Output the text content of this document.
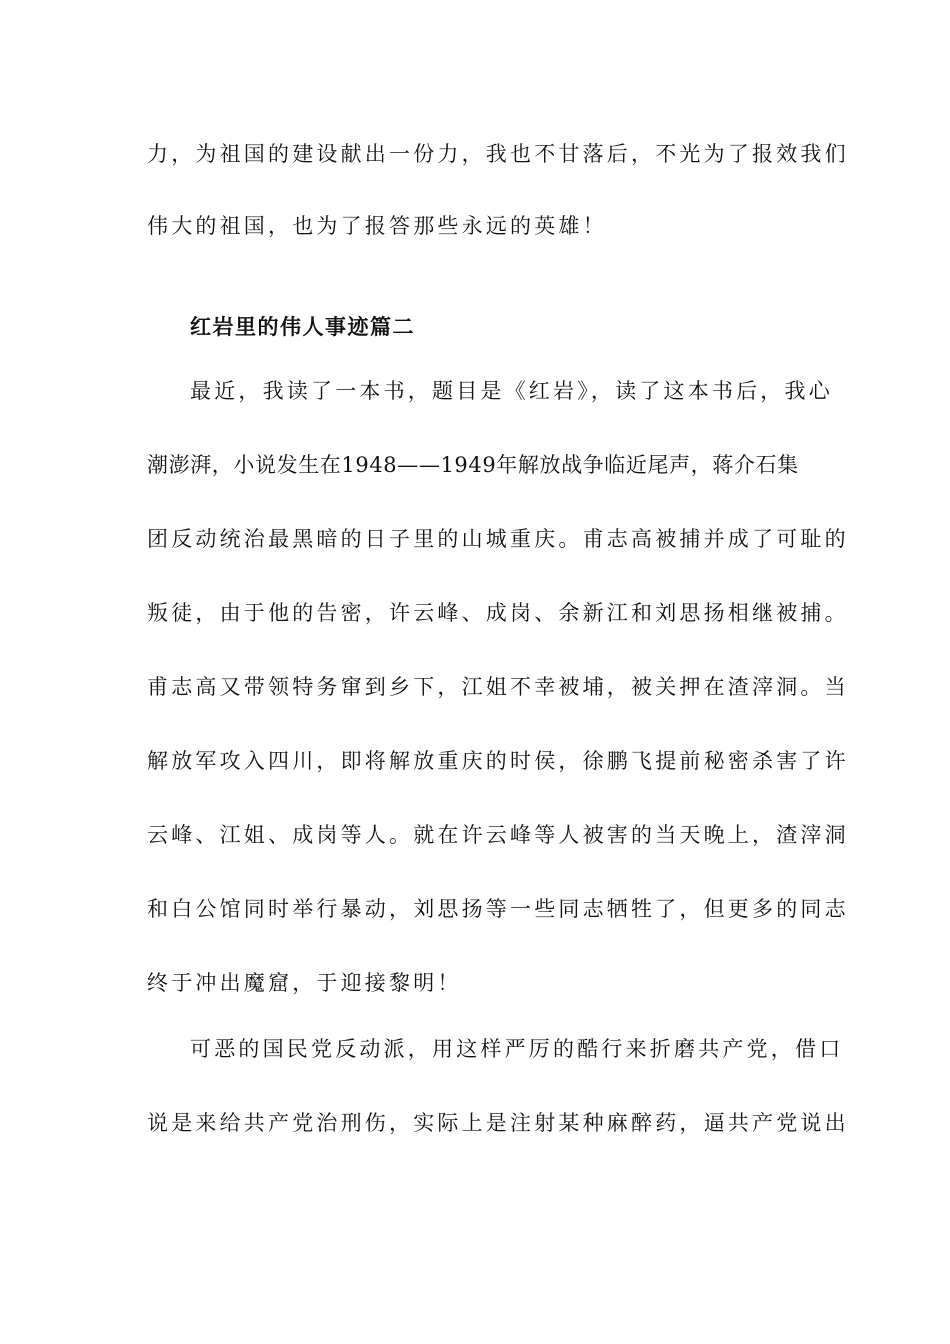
力，为祖国的建设献出一份力，我也不甘落后，不光为了报效我们
伟大的祖国，也为了报答那些永远的英雄！
红岩里的伟人事迹篇二
最近，我读了一本书，题目是《红岩》，读了这本书后，我心
潮澎湃，小说发生在1948——1949年解放战争临近尾声，蒋介石集
团反动统治最黑暗的日子里的山城重庆。甫志高被捕并成了可耻的
叛徒，由于他的告密，许云峰、成岗、余新江和刘思扬相继被捕。
甫志高又带领特务窜到乡下，江姐不幸被埔，被关押在渣滓洞。当
解放军攻入四川，即将解放重庆的时侯，徐鹏飞提前秘密杀害了许
云峰、江姐、成岗等人。就在许云峰等人被害的当天晚上，渣滓洞
和白公馆同时举行暴动，刘思扬等一些同志牺牲了，但更多的同志
终于冲出魔窟，于迎接黎明！
可恶的国民党反动派，用这样严厉的酷行来折磨共产党，借口
说是来给共产党治刑伤，实际上是注射某种麻醉药，逼共产党说出
